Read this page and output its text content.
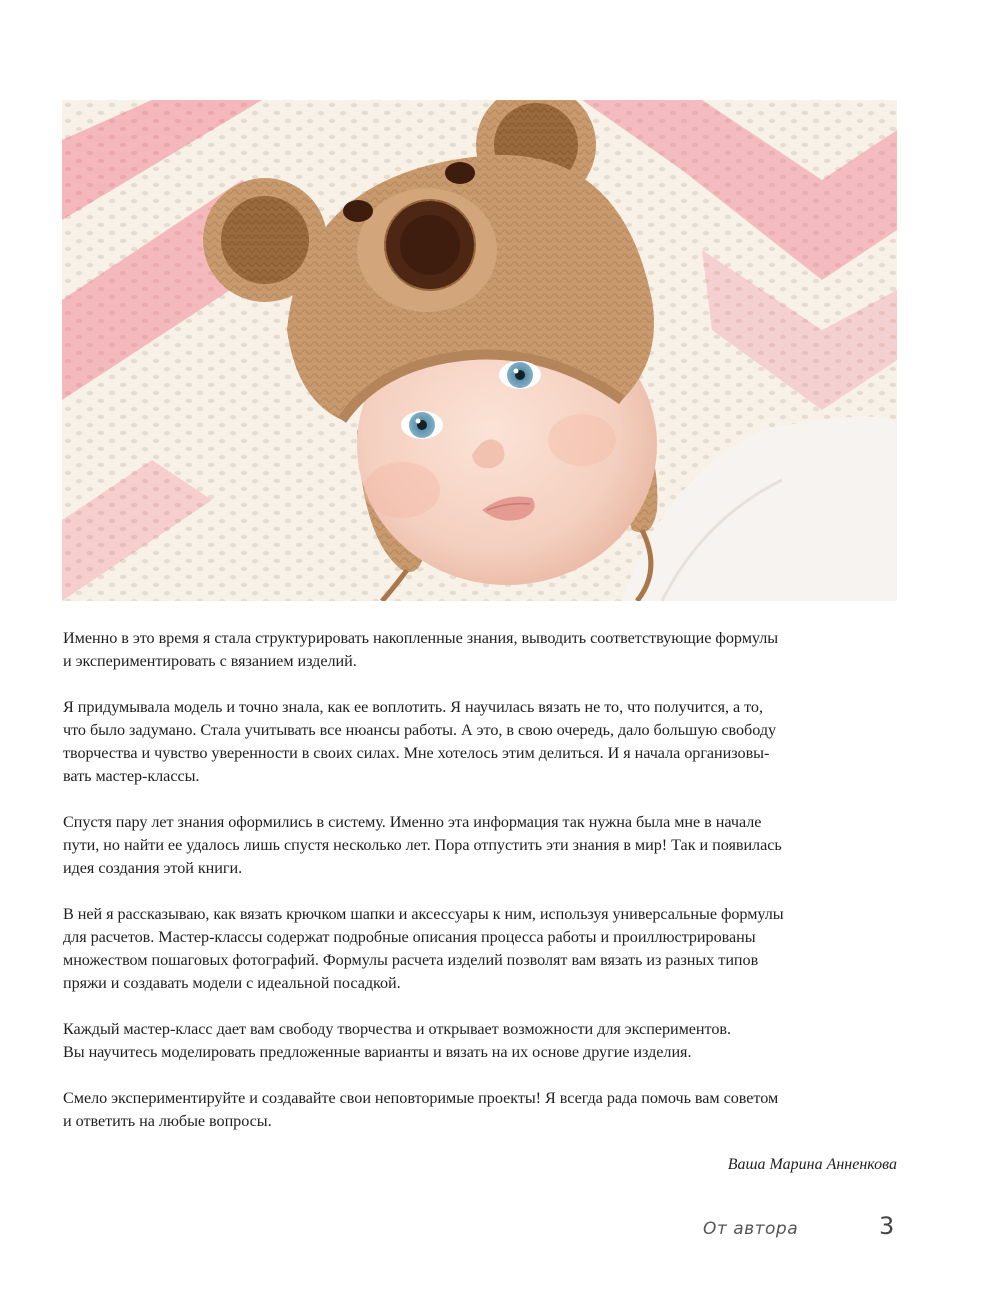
Именно в это время я стала структурировать накопленные знания, выводить соответствующие формулы
и экспериментировать с вязанием изделий.

Я придумывала модель и точно знала, как ее воплотить. Я научилась вязать не то, что получится, а то,
что было задумано. Стала учитывать все нюансы работы. А это, в свою очередь, дало большую свободу
творчества и чувство уверенности в своих силах. Мне хотелось этим делиться. И я начала организовы-
вать мастер-классы.

Спустя пару лет знания оформились в систему. Именно эта информация так нужна была мне в начале
пути, но найти ее удалось лишь спустя несколько лет. Пора отпустить эти знания в мир! Так и появилась
идея создания этой книги.

В ней я рассказываю, как вязать крючком шапки и аксессуары к ним, используя универсальные формулы
для расчетов. Мастер-классы содержат подробные описания процесса работы и проиллюстрированы
множеством пошаговых фотографий. Формулы расчета изделий позволят вам вязать из разных типов
пряжи и создавать модели с идеальной посадкой.

Каждый мастер-класс дает вам свободу творчества и открывает возможности для экспериментов.
Вы научитесь моделировать предложенные варианты и вязать на их основе другие изделия.

Смело экспериментируйте и создавайте свои неповторимые проекты! Я всегда рада помочь вам советом
и ответить на любые вопросы.

Ваша Марина Анненкова
От автора	3
